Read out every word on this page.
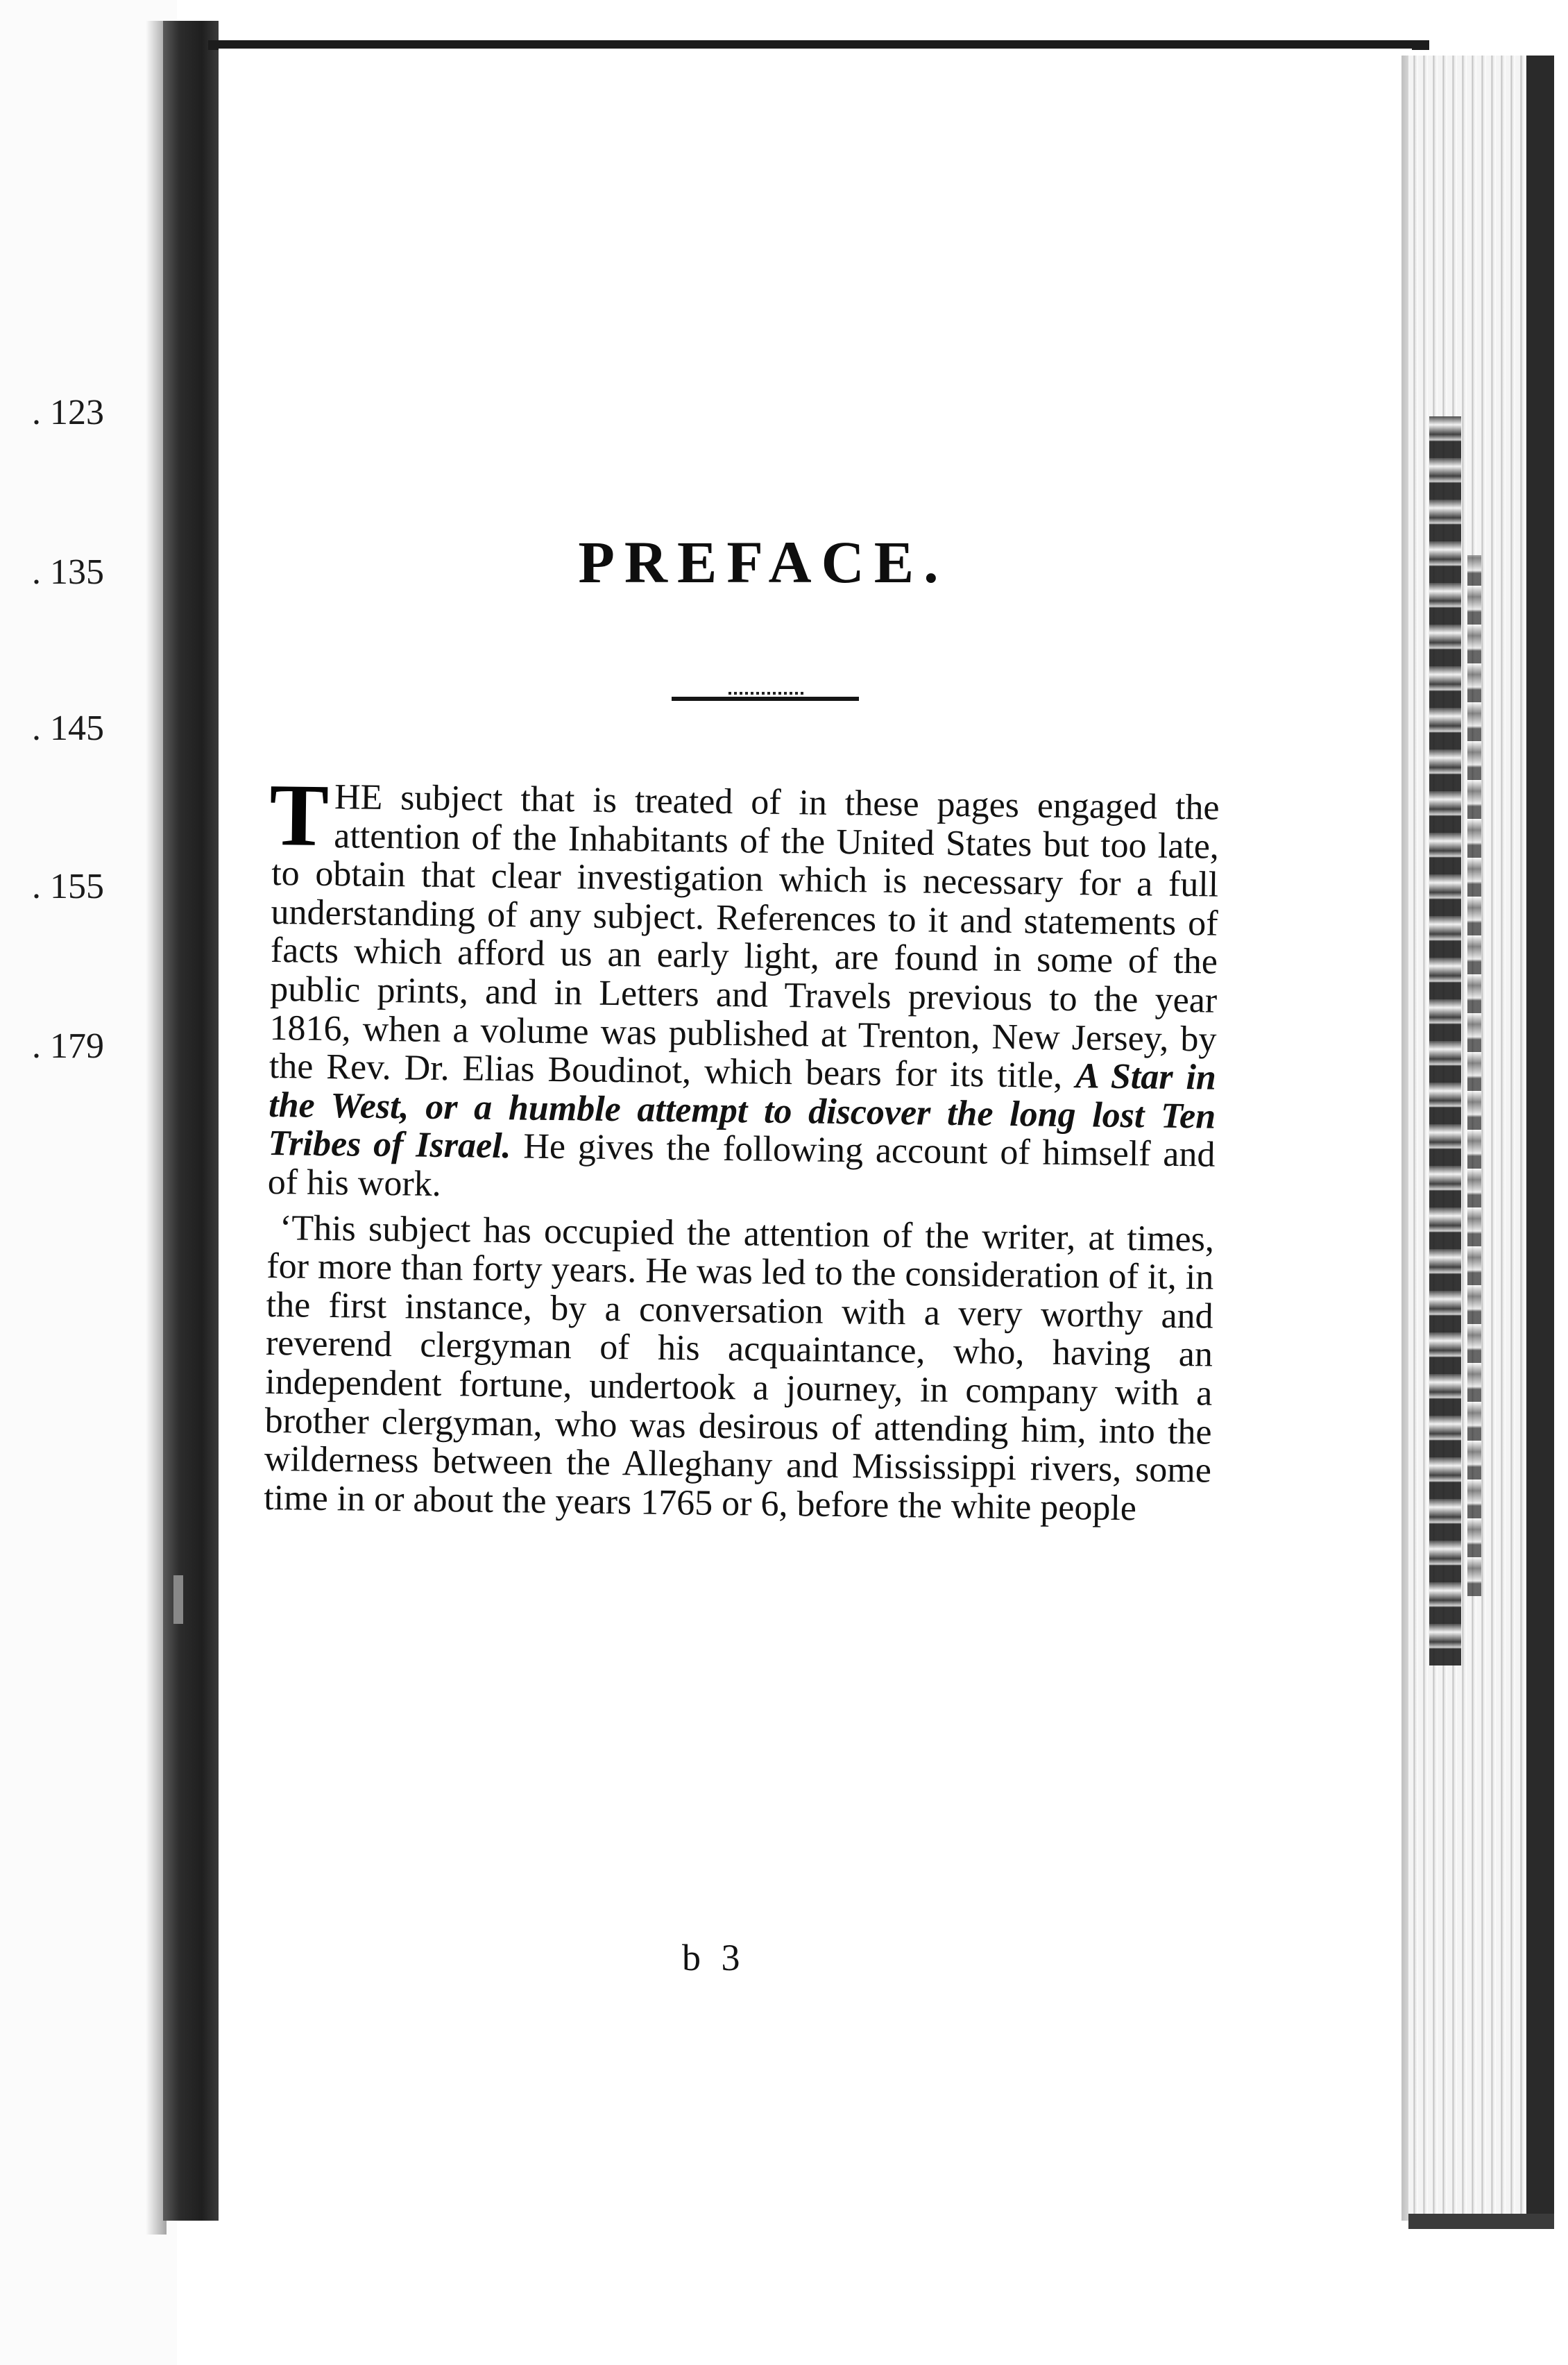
. 123
. 135
. 145
. 155
. 179
PREFACE.

THE subject that is treated of in these pages engaged the attention of the Inhabitants of the United States but too late, to obtain that clear investigation which is necessary for a full understanding of any subject. References to it and statements of facts which afford us an early light, are found in some of the public prints, and in Letters and Travels previous to the year 1816, when a volume was published at Trenton, New Jersey, by the Rev. Dr. Elias Boudinot, which bears for its title, A Star in the West, or a humble attempt to discover the long lost Ten Tribes of Israel. He gives the following account of himself and of his work.

‘This subject has occupied the attention of the writer, at times, for more than forty years. He was led to the consideration of it, in the first instance, by a conversation with a very worthy and reverend clergyman of his acquaintance, who, having an independent fortune, undertook a journey, in company with a brother clergyman, who was desirous of attending him, into the wilderness between the Alleghany and Mississippi rivers, some time in or about the years 1765 or 6, before the white people

b 3
